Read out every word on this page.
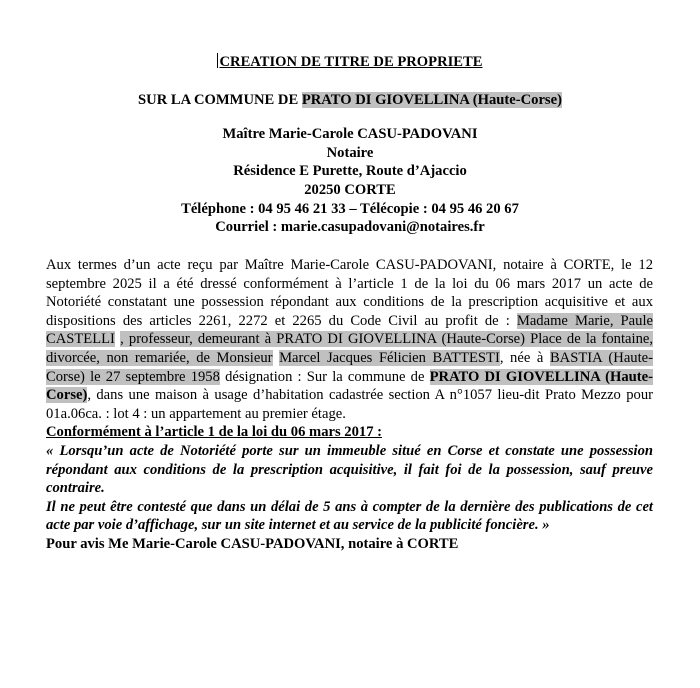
CREATION DE TITRE DE PROPRIETE
SUR LA COMMUNE DE PRATO DI GIOVELLINA (Haute-Corse)
Maître Marie-Carole CASU-PADOVANI
Notaire
Résidence E Purette, Route d’Ajaccio
20250 CORTE
Téléphone : 04 95 46 21 33 – Télécopie : 04 95 46 20 67
Courriel : marie.casupadovani@notaires.fr
Aux termes d’un acte reçu par Maître Marie-Carole CASU-PADOVANI, notaire à CORTE, le 12 septembre 2025 il a été dressé conformément à l’article 1 de la loi du 06 mars 2017 un acte de Notoriété constatant une possession répondant aux conditions de la prescription acquisitive et aux dispositions des articles 2261, 2272 et 2265 du Code Civil au profit de : Madame Marie, Paule CASTELLI , professeur, demeurant à PRATO DI GIOVELLINA (Haute-Corse) Place de la fontaine, divorcée, non remariée, de Monsieur Marcel Jacques Félicien BATTESTI, née à BASTIA (Haute-Corse) le 27 septembre 1958 désignation : Sur la commune de PRATO DI GIOVELLINA (Haute-Corse), dans une maison à usage d’habitation cadastrée section A n°1057 lieu-dit Prato Mezzo pour 01a.06ca. : lot 4 : un appartement au premier étage.
Conformément à l’article 1 de la loi du 06 mars 2017 :
« Lorsqu’un acte de Notoriété porte sur un immeuble situé en Corse et constate une possession répondant aux conditions de la prescription acquisitive, il fait foi de la possession, sauf preuve contraire.
Il ne peut être contesté que dans un délai de 5 ans à compter de la dernière des publications de cet acte par voie d’affichage, sur un site internet et au service de la publicité foncière. »
Pour avis Me Marie-Carole CASU-PADOVANI, notaire à CORTE
